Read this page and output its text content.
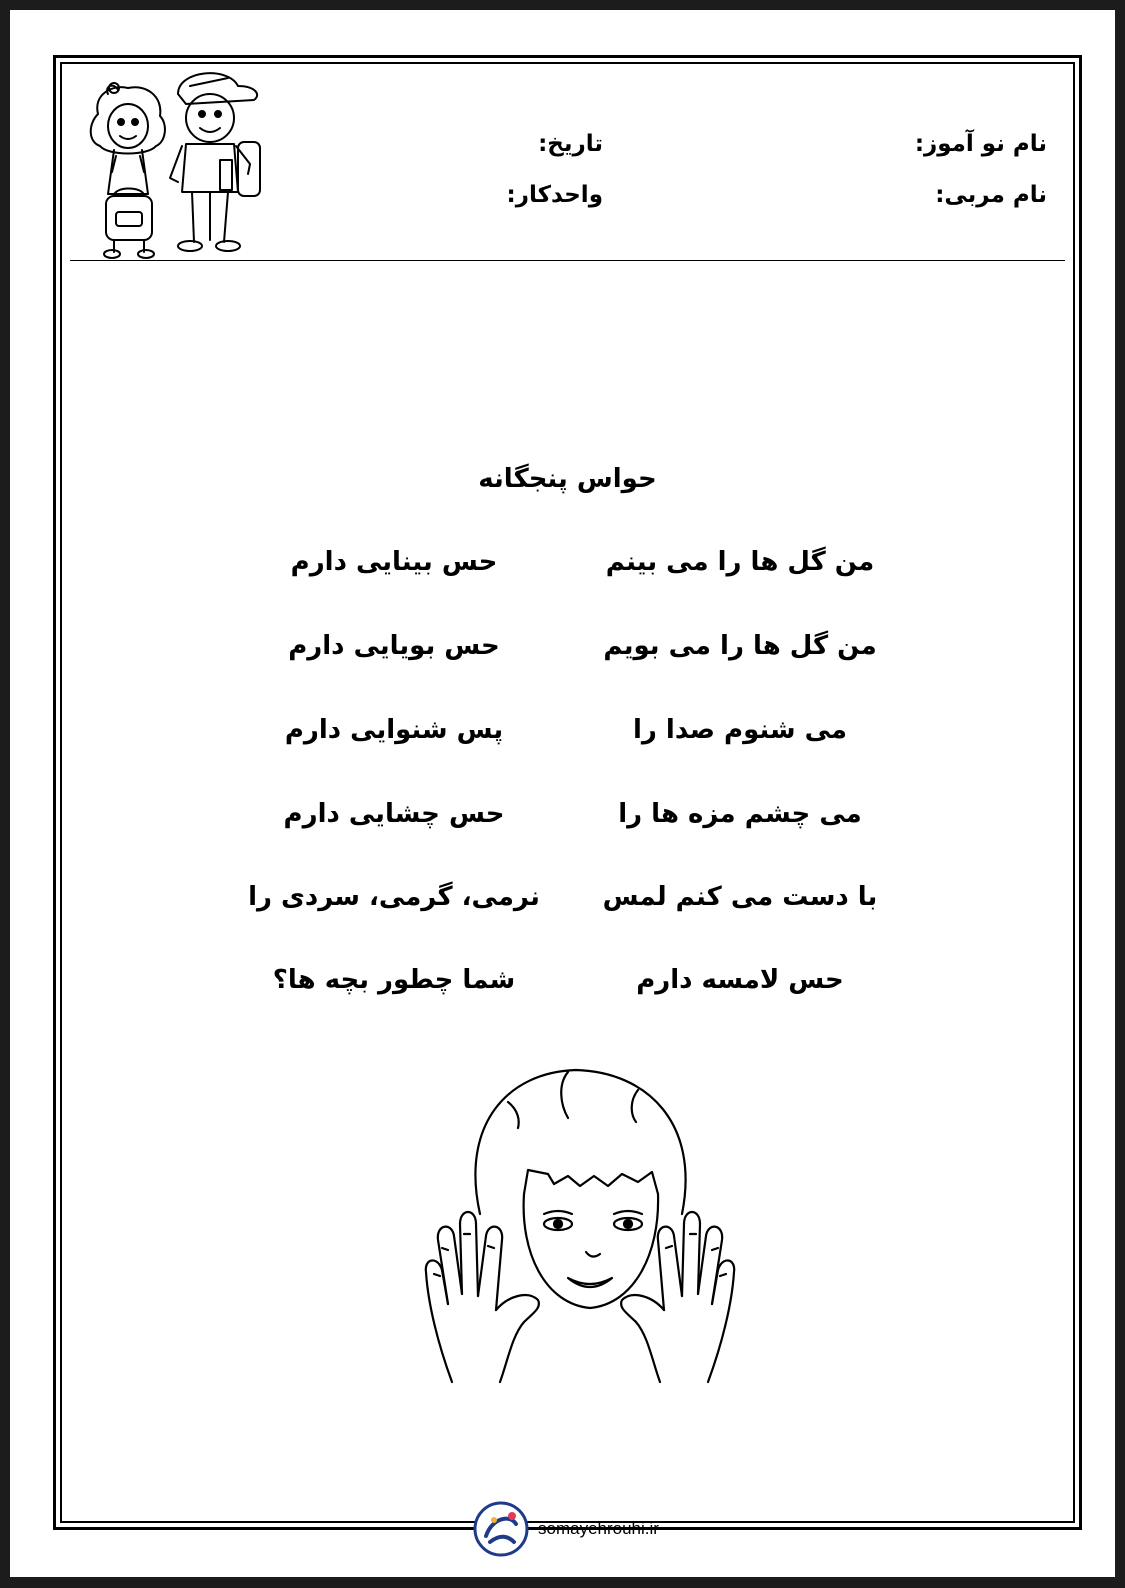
نام نو آموز:
نام مربی:
تاریخ:
واحدکار:
حواس پنجگانه
من گل ها را می بینم
حس بینایی دارم
من گل ها را می بویم
حس بویایی دارم
می شنوم صدا را
پس شنوایی دارم
می چشم مزه ها را
حس چشایی دارم
با دست می کنم لمس
نرمی، گرمی، سردی را
حس لامسه دارم
شما چطور بچه ها؟
somayehrouhi.ir
